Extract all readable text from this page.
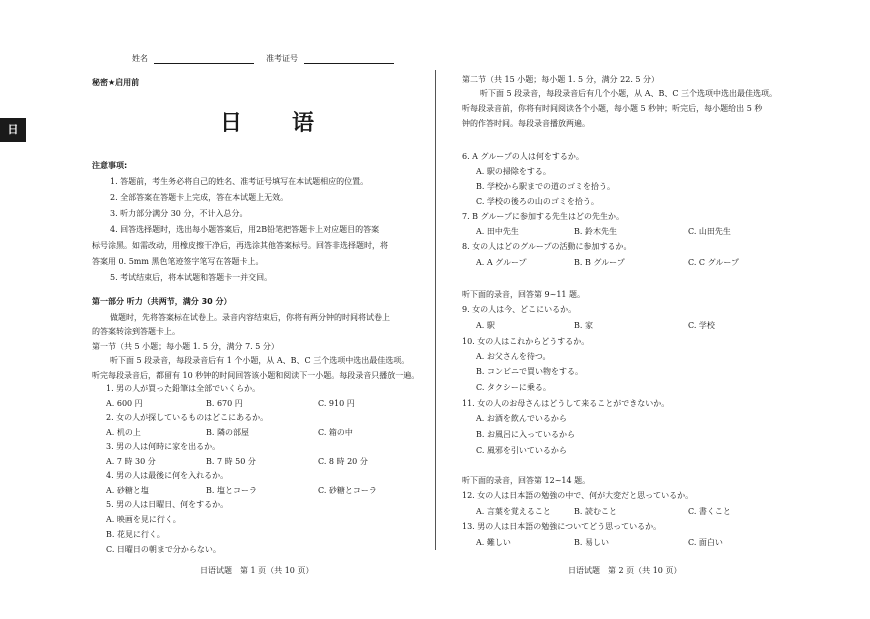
日
姓名	准考证号
秘密★启用前
日　语
注意事项:
1. 答题前，考生务必将自己的姓名、准考证号填写在本试题相应的位置。
2. 全部答案在答题卡上完成，答在本试题上无效。
3. 听力部分满分 30 分，不计入总分。
4. 回答选择题时，选出每小题答案后，用2B铅笔把答题卡上对应题目的答案
标号涂黑。如需改动，用橡皮擦干净后，再选涂其他答案标号。回答非选择题时，将
答案用 0. 5mm 黑色笔迹签字笔写在答题卡上。
5. 考试结束后，将本试题和答题卡一并交回。
第一部分 听力（共两节，满分 30 分）
做题时，先将答案标在试卷上。录音内容结束后，你将有两分钟的时间将试卷上
的答案转涂到答题卡上。
第一节（共 5 小题；每小题 1. 5 分，满分 7. 5 分）
听下面 5 段录音，每段录音后有 1 个小题，从 A、B、C 三个选项中选出最佳选项。
听完每段录音后，都留有 10 秒钟的时间回答该小题和阅读下一小题。每段录音只播放一遍。
1. 男の人が買った鉛筆は全部でいくらか。
A. 600 円	B. 670 円	C. 910 円
2. 女の人が探しているものはどこにあるか。
A. 机の上	B. 隣の部屋	C. 箱の中
3. 男の人は何時に家を出るか。
A. 7 時 30 分	B. 7 時 50 分	C. 8 時 20 分
4. 男の人は最後に何を入れるか。
A. 砂糖と塩	B. 塩とコーラ	C. 砂糖とコーラ
5. 男の人は日曜日、何をするか。
A. 映画を見に行く。
B. 花見に行く。
C. 日曜日の朝まで分からない。
日语试题　第 1 页（共 10 页）
第二节（共 15 小题；每小题 1. 5 分，满分 22. 5 分）
听下面 5 段录音，每段录音后有几个小题，从 A、B、C 三个选项中选出最佳选项。
听每段录音前，你将有时间阅读各个小题，每小题 5 秒钟；听完后，每小题给出 5 秒
钟的作答时间。每段录音播放两遍。
6. A グループの人は何をするか。
A. 駅の掃除をする。
B. 学校から駅までの道のゴミを拾う。
C. 学校の後ろの山のゴミを拾う。
7. B グループに参加する先生はどの先生か。
A. 田中先生	B. 鈴木先生	C. 山田先生
8. 女の人はどのグループの活動に参加するか。
A. A グループ	B. B グループ	C. C グループ
听下面的录音，回答第 9~11 题。
9. 女の人は今、どこにいるか。
A. 駅	B. 家	C. 学校
10. 女の人はこれからどうするか。
A. お父さんを待つ。
B. コンビニで買い物をする。
C. タクシーに乗る。
11. 女の人のお母さんはどうして来ることができないか。
A. お酒を飲んでいるから
B. お風呂に入っているから
C. 風邪を引いているから
听下面的录音，回答第 12~14 题。
12. 女の人は日本語の勉強の中で、何が大変だと思っているか。
A. 言葉を覚えること	B. 読むこと	C. 書くこと
13. 男の人は日本語の勉強についてどう思っているか。
A. 難しい	B. 易しい	C. 面白い
日语试题　第 2 页（共 10 页）
